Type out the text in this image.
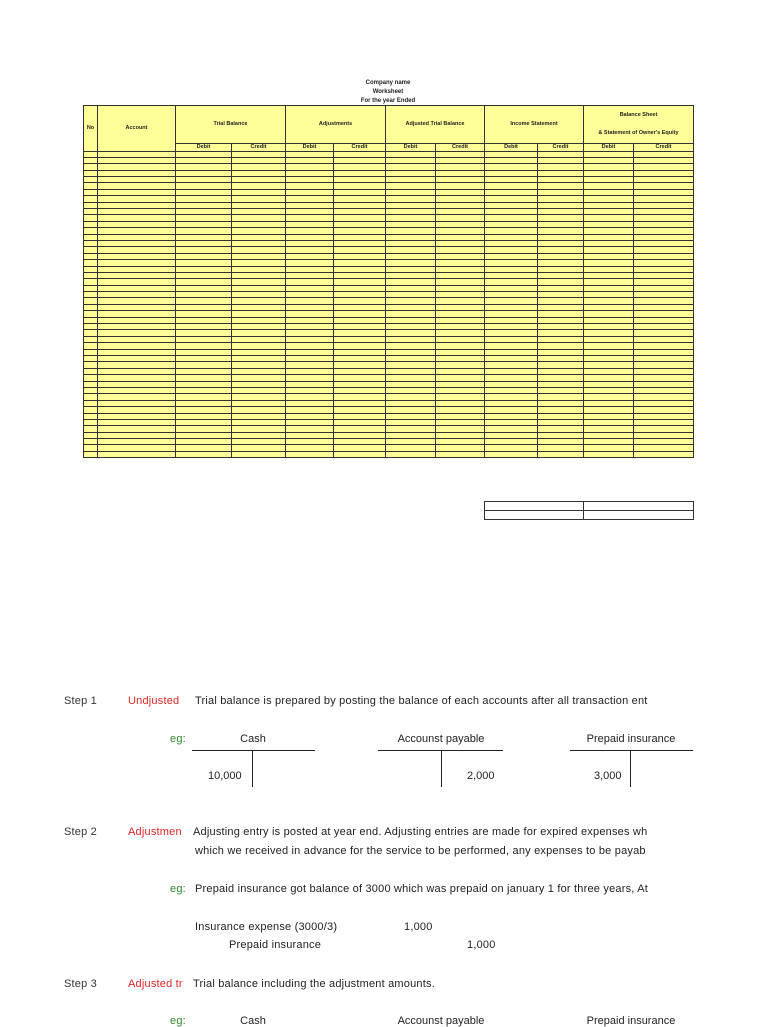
Company name
Worksheet
For the year Ended
No	Account	Trial Balance		Adjustments		Adjusted Trial Balance		Income Statement		Balance Sheet
& Statement of Owner's Equity	

		Debit	Credit	Debit	Credit	Debit	Credit	Debit	Credit	Debit	Credit

Step 1	Undjusted Trial balance is prepared by posting the balance of each accounts after all transaction ent
eg:	Cash
10,000
Accounst payable
2,000
Prepaid insurance
3,000
Step 2	Adjustmen Adjusting entry is posted at year end. Adjusting entries are made for expired expenses wh
which we received in advance for the service to be performed, any expenses to be payab
eg: Prepaid insurance got balance of 3000 which was prepaid on january 1 for three years, At
Insurance expense (3000/3)	1,000
Prepaid insurance	1,000
Step 3	Adjusted tr Trial balance including the adjustment amounts.
eg:	Cash	Accounst payable	Prepaid insurance
